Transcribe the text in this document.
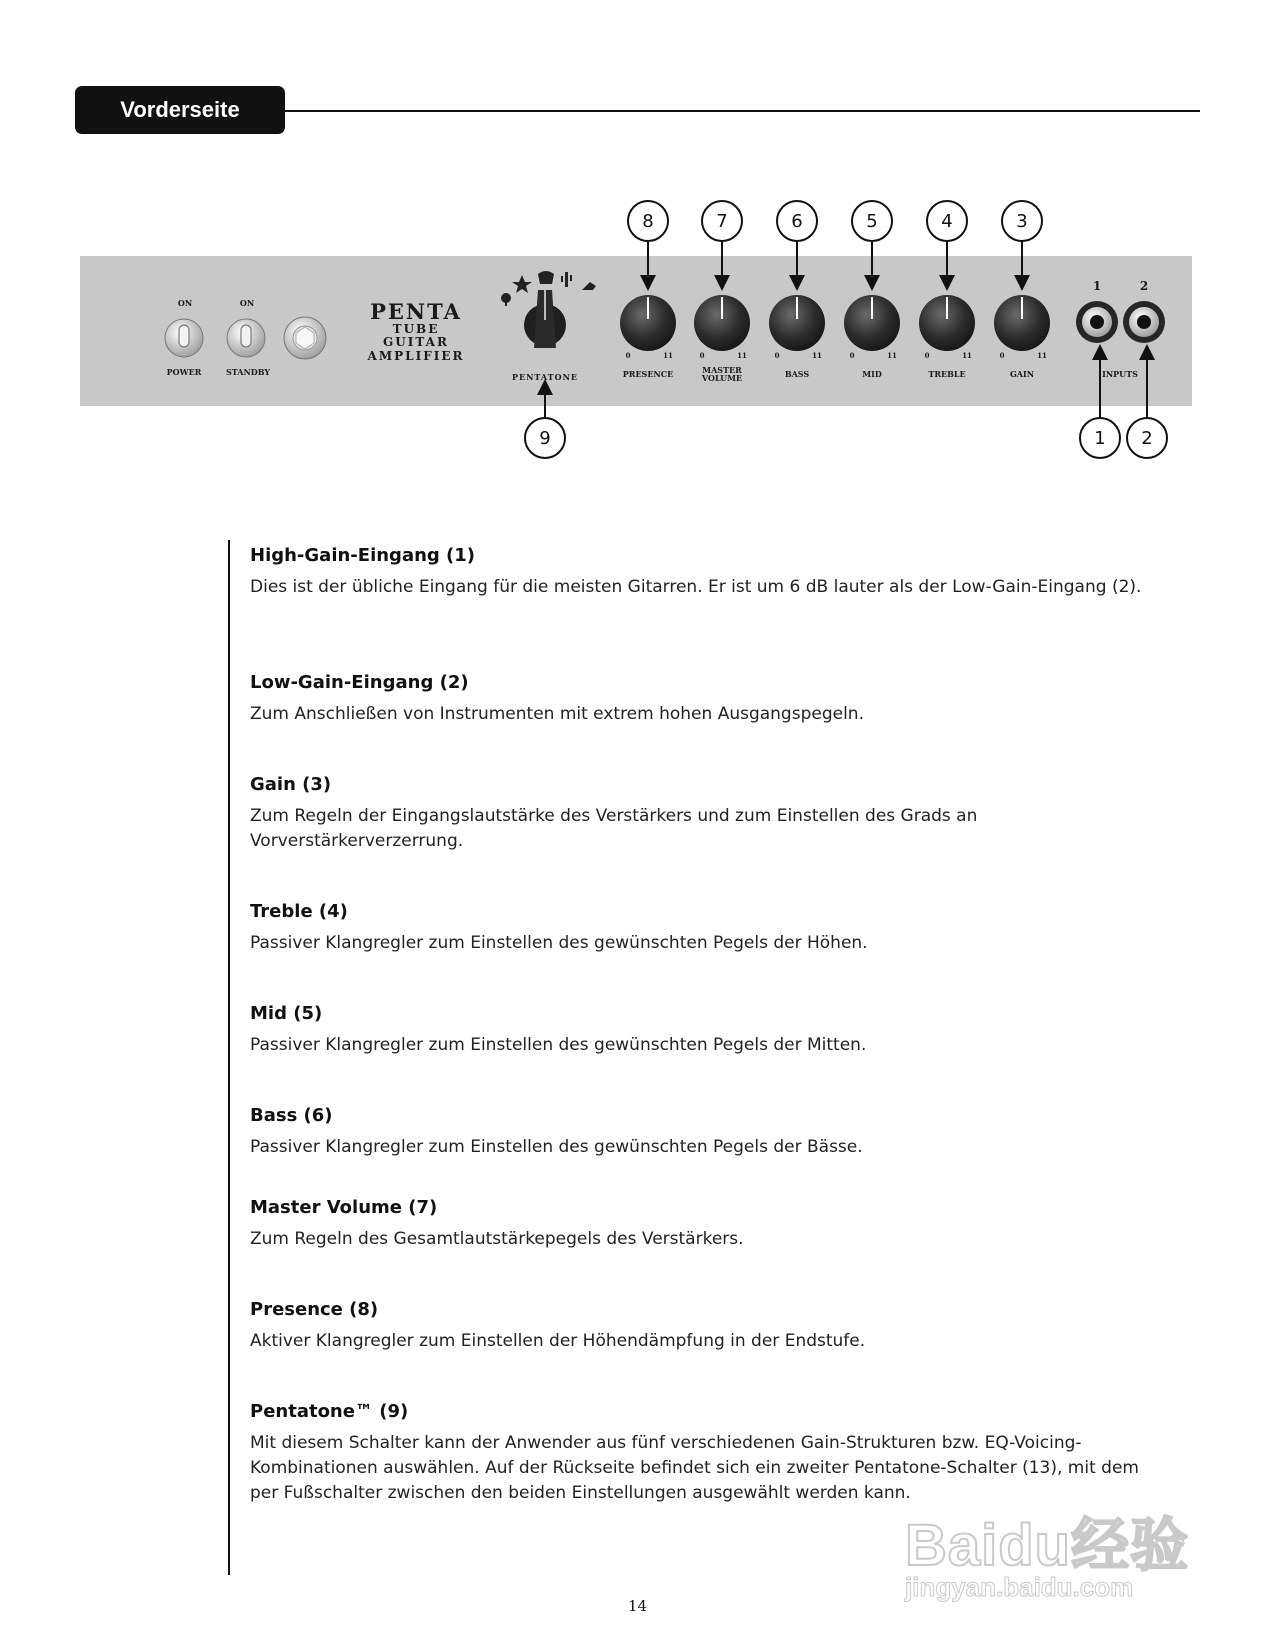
Vorderseite
ON
POWER
ON
STANDBY
PENTA
TUBE
GUITAR
AMPLIFIER
PENTATONE
0	11
PRESENCE
0	11
MASTER
VOLUME
0	11
BASS
0	11
MID
0	11
TREBLE
0	11
GAIN
1	2
INPUTS
8	7	6	5	4	3
9	1 2

High-Gain-Eingang (1)

Dies ist der übliche Eingang für die meisten Gitarren. Er ist um 6 dB lauter als der Low-Gain-Eingang (2).

Low-Gain-Eingang (2)

Zum Anschließen von Instrumenten mit extrem hohen Ausgangspegeln.

Gain (3)

Zum Regeln der Eingangslautstärke des Verstärkers und zum Einstellen des Grads an Vorverstärkerverzerrung.

Treble (4)

Passiver Klangregler zum Einstellen des gewünschten Pegels der Höhen.

Mid (5)

Passiver Klangregler zum Einstellen des gewünschten Pegels der Mitten.

Bass (6)

Passiver Klangregler zum Einstellen des gewünschten Pegels der Bässe.

Master Volume (7)

Zum Regeln des Gesamtlautstärkepegels des Verstärkers.

Presence (8)

Aktiver Klangregler zum Einstellen der Höhendämpfung in der Endstufe.

Pentatone™ (9)

Mit diesem Schalter kann der Anwender aus fünf verschiedenen Gain-Strukturen bzw. EQ-Voicing-Kombinationen auswählen. Auf der Rückseite befindet sich ein zweiter Pentatone-Schalter (13), mit dem per Fußschalter zwischen den beiden Einstellungen ausgewählt werden kann.

14
Baidu经验
jingyan.baidu.com
